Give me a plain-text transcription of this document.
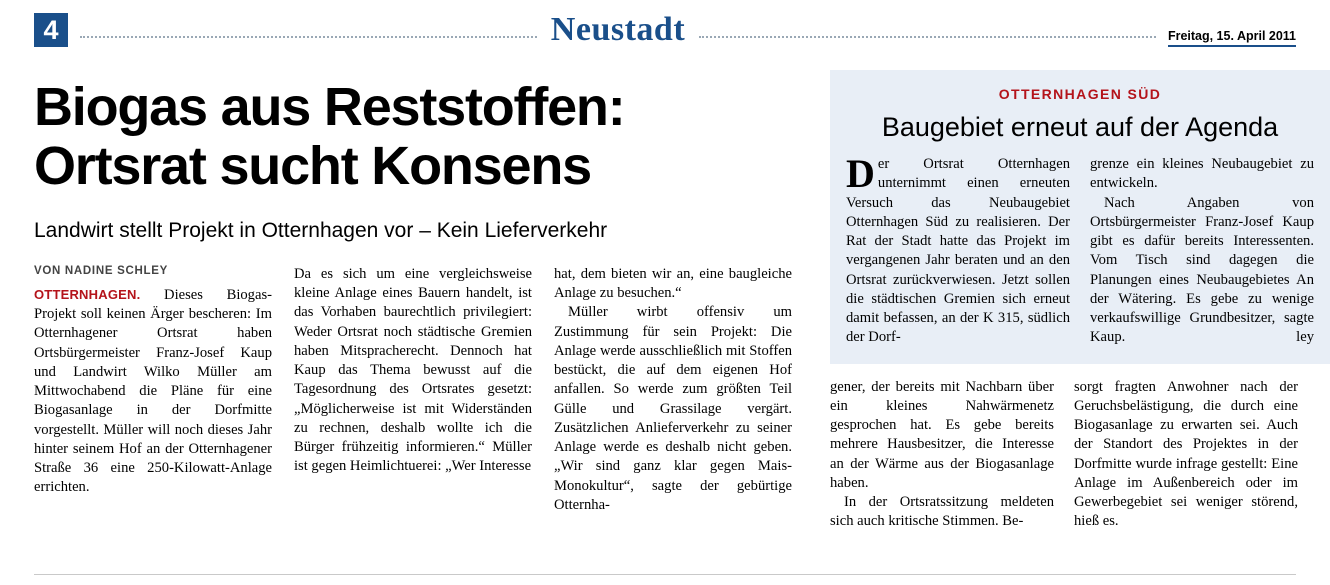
4	Neustadt	Freitag, 15. April 2011
Biogas aus Reststoffen:
Ortsrat sucht Konsens
Landwirt stellt Projekt in Otternhagen vor – Kein Lieferverkehr
VON NADINE SCHLEY

OTTERNHAGEN. Dieses Biogas-Projekt soll keinen Ärger bescheren: Im Otternhagener Ortsrat haben Ortsbürgermeister Franz-Josef Kaup und Landwirt Wilko Müller am Mittwochabend die Pläne für eine Biogasanlage in der Dorfmitte vorgestellt. Müller will noch dieses Jahr hinter seinem Hof an der Otternhagener Straße 36 eine 250-Kilowatt-Anlage errichten.

Da es sich um eine vergleichsweise kleine Anlage eines Bauern handelt, ist das Vorhaben baurechtlich privilegiert: Weder Ortsrat noch städtische Gremien haben Mitspracherecht. Dennoch hat Kaup das Thema bewusst auf die Tagesordnung des Ortsrates gesetzt: „Möglicherweise ist mit Widerständen zu rechnen, deshalb wollte ich die Bürger frühzeitig informieren.“ Müller ist gegen Heimlichtuerei: „Wer Interesse

hat, dem bieten wir an, eine baugleiche Anlage zu besuchen.“

Müller wirbt offensiv um Zustimmung für sein Projekt: Die Anlage werde ausschließlich mit Stoffen bestückt, die auf dem eigenen Hof anfallen. So werde zum größten Teil Gülle und Grassilage vergärt. Zusätzlichen Anlieferverkehr zu seiner Anlage werde es deshalb nicht geben. „Wir sind ganz klar gegen Mais-Monokultur“, sagte der gebürtige Otternha-

OTTERNHAGEN SÜD
Baugebiet erneut auf der Agenda

Der Ortsrat Otternhagen unternimmt einen erneuten Versuch das Neubaugebiet Otternhagen Süd zu realisieren. Der Rat der Stadt hatte das Projekt im vergangenen Jahr beraten und an den Ortsrat zurückverwiesen. Jetzt sollen die städtischen Gremien sich erneut damit befassen, an der K 315, südlich der Dorf-

grenze ein kleines Neubaugebiet zu entwickeln.

Nach Angaben von Ortsbürgermeister Franz-Josef Kaup gibt es dafür bereits Interessenten. Vom Tisch sind dagegen die Planungen eines Neubaugebietes An der Wätering. Es gebe zu wenige verkaufswillige Grundbesitzer, sagte Kaup.	ley

gener, der bereits mit Nachbarn über ein kleines Nahwärmenetz gesprochen hat. Es gebe bereits mehrere Hausbesitzer, die Interesse an der Wärme aus der Biogasanlage haben.

In der Ortsratssitzung meldeten sich auch kritische Stimmen. Be-

sorgt fragten Anwohner nach der Geruchsbelästigung, die durch eine Biogasanlage zu erwarten sei. Auch der Standort des Projektes in der Dorfmitte wurde infrage gestellt: Eine Anlage im Außenbereich oder im Gewerbegebiet sei weniger störend, hieß es.
